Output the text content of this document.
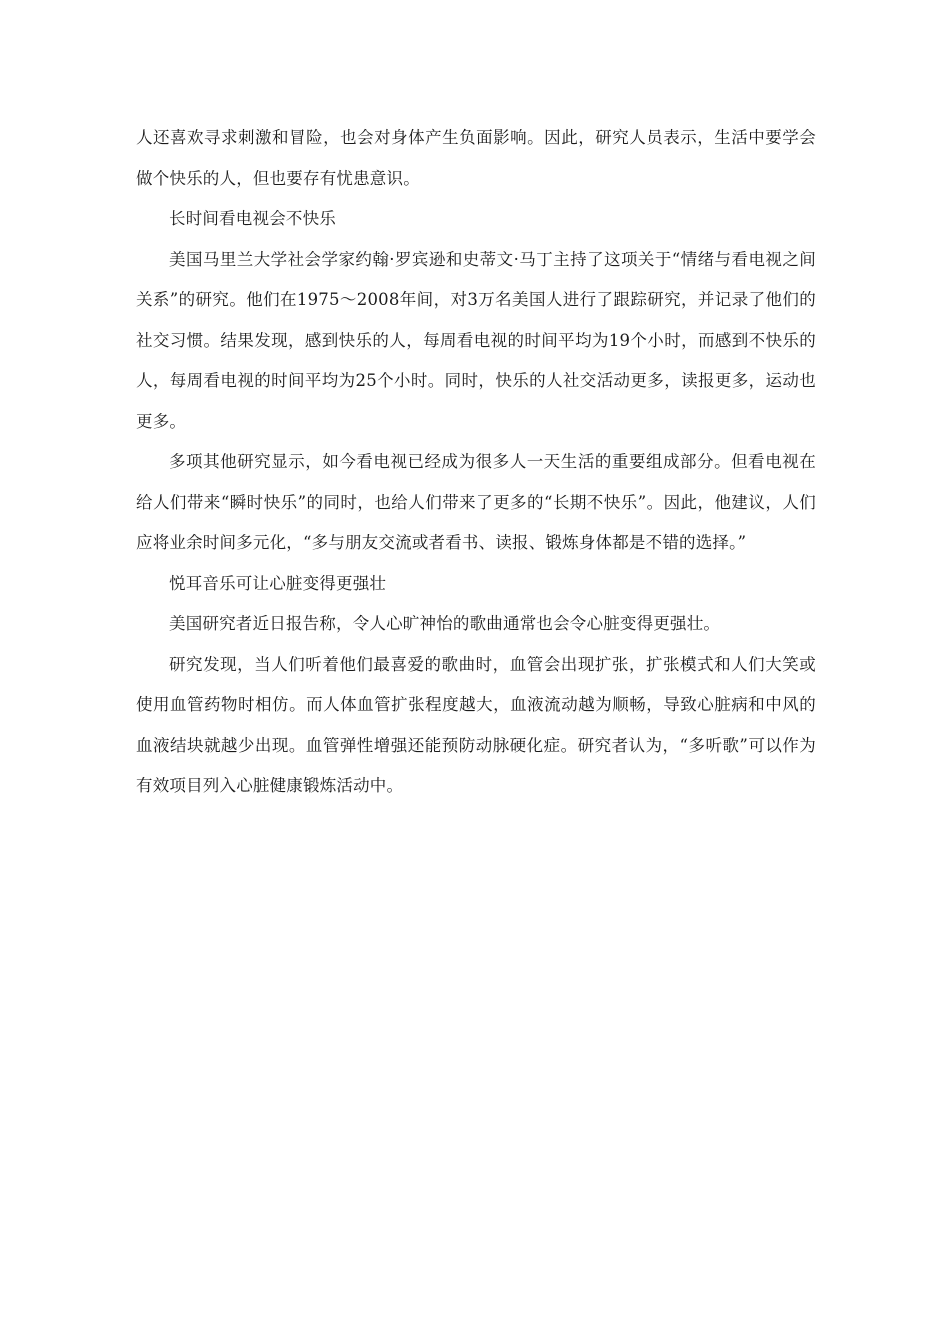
人还喜欢寻求刺激和冒险，也会对身体产生负面影响。因此，研究人员表示，生活中要学会做个快乐的人，但也要存有忧患意识。

长时间看电视会不快乐

美国马里兰大学社会学家约翰·罗宾逊和史蒂文·马丁主持了这项关于“情绪与看电视之间关系”的研究。他们在1975～2008年间，对3万名美国人进行了跟踪研究，并记录了他们的社交习惯。结果发现，感到快乐的人，每周看电视的时间平均为19个小时，而感到不快乐的人，每周看电视的时间平均为25个小时。同时，快乐的人社交活动更多，读报更多，运动也更多。

多项其他研究显示，如今看电视已经成为很多人一天生活的重要组成部分。但看电视在给人们带来“瞬时快乐”的同时，也给人们带来了更多的“长期不快乐”。因此，他建议，人们应将业余时间多元化，“多与朋友交流或者看书、读报、锻炼身体都是不错的选择。”

悦耳音乐可让心脏变得更强壮

美国研究者近日报告称，令人心旷神怡的歌曲通常也会令心脏变得更强壮。

研究发现，当人们听着他们最喜爱的歌曲时，血管会出现扩张，扩张模式和人们大笑或使用血管药物时相仿。而人体血管扩张程度越大，血液流动越为顺畅，导致心脏病和中风的血液结块就越少出现。血管弹性增强还能预防动脉硬化症。研究者认为，“多听歌”可以作为有效项目列入心脏健康锻炼活动中。
